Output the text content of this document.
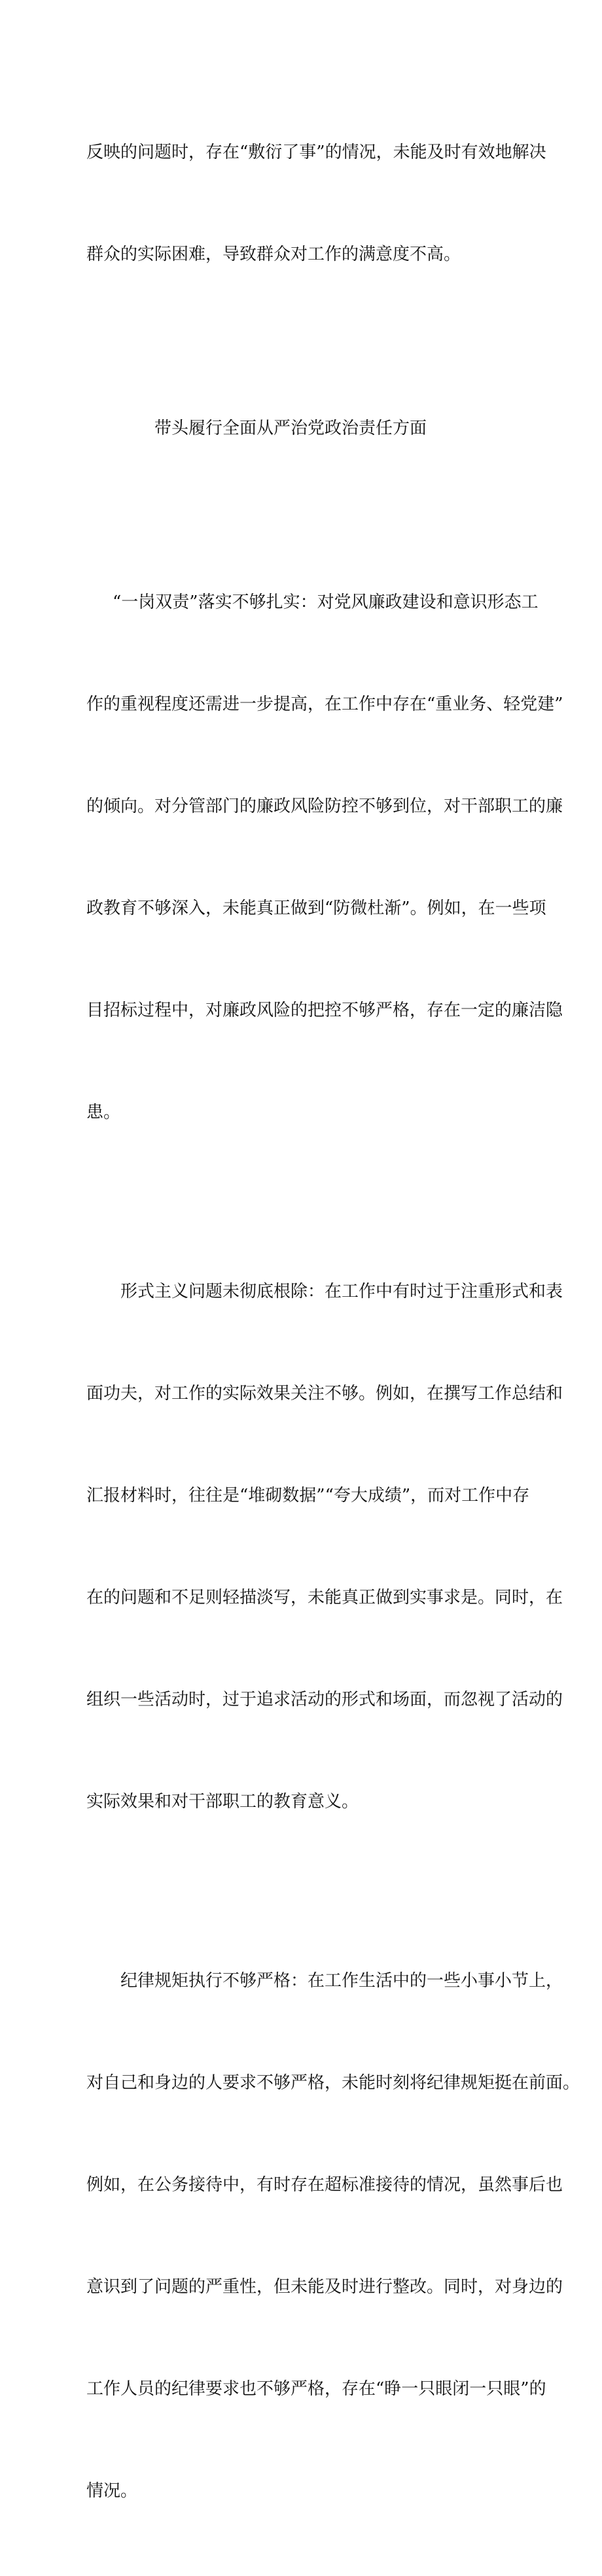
反映的问题时，存在“敷衍了事”的情况，未能及时有效地解决

群众的实际困难，导致群众对工作的满意度不高。

带头履行全面从严治党政治责任方面

“一岗双责”落实不够扎实：对党风廉政建设和意识形态工

作的重视程度还需进一步提高，在工作中存在“重业务、轻党建”

的倾向。对分管部门的廉政风险防控不够到位，对干部职工的廉

政教育不够深入，未能真正做到“防微杜渐”。例如，在一些项

目招标过程中，对廉政风险的把控不够严格，存在一定的廉洁隐

患。

形式主义问题未彻底根除：在工作中有时过于注重形式和表

面功夫，对工作的实际效果关注不够。例如，在撰写工作总结和

汇报材料时，往往是“堆砌数据”“夸大成绩”，而对工作中存

在的问题和不足则轻描淡写，未能真正做到实事求是。同时，在

组织一些活动时，过于追求活动的形式和场面，而忽视了活动的

实际效果和对干部职工的教育意义。

纪律规矩执行不够严格：在工作生活中的一些小事小节上，

对自己和身边的人要求不够严格，未能时刻将纪律规矩挺在前面。

例如，在公务接待中，有时存在超标准接待的情况，虽然事后也

意识到了问题的严重性，但未能及时进行整改。同时，对身边的

工作人员的纪律要求也不够严格，存在“睁一只眼闭一只眼”的

情况。
